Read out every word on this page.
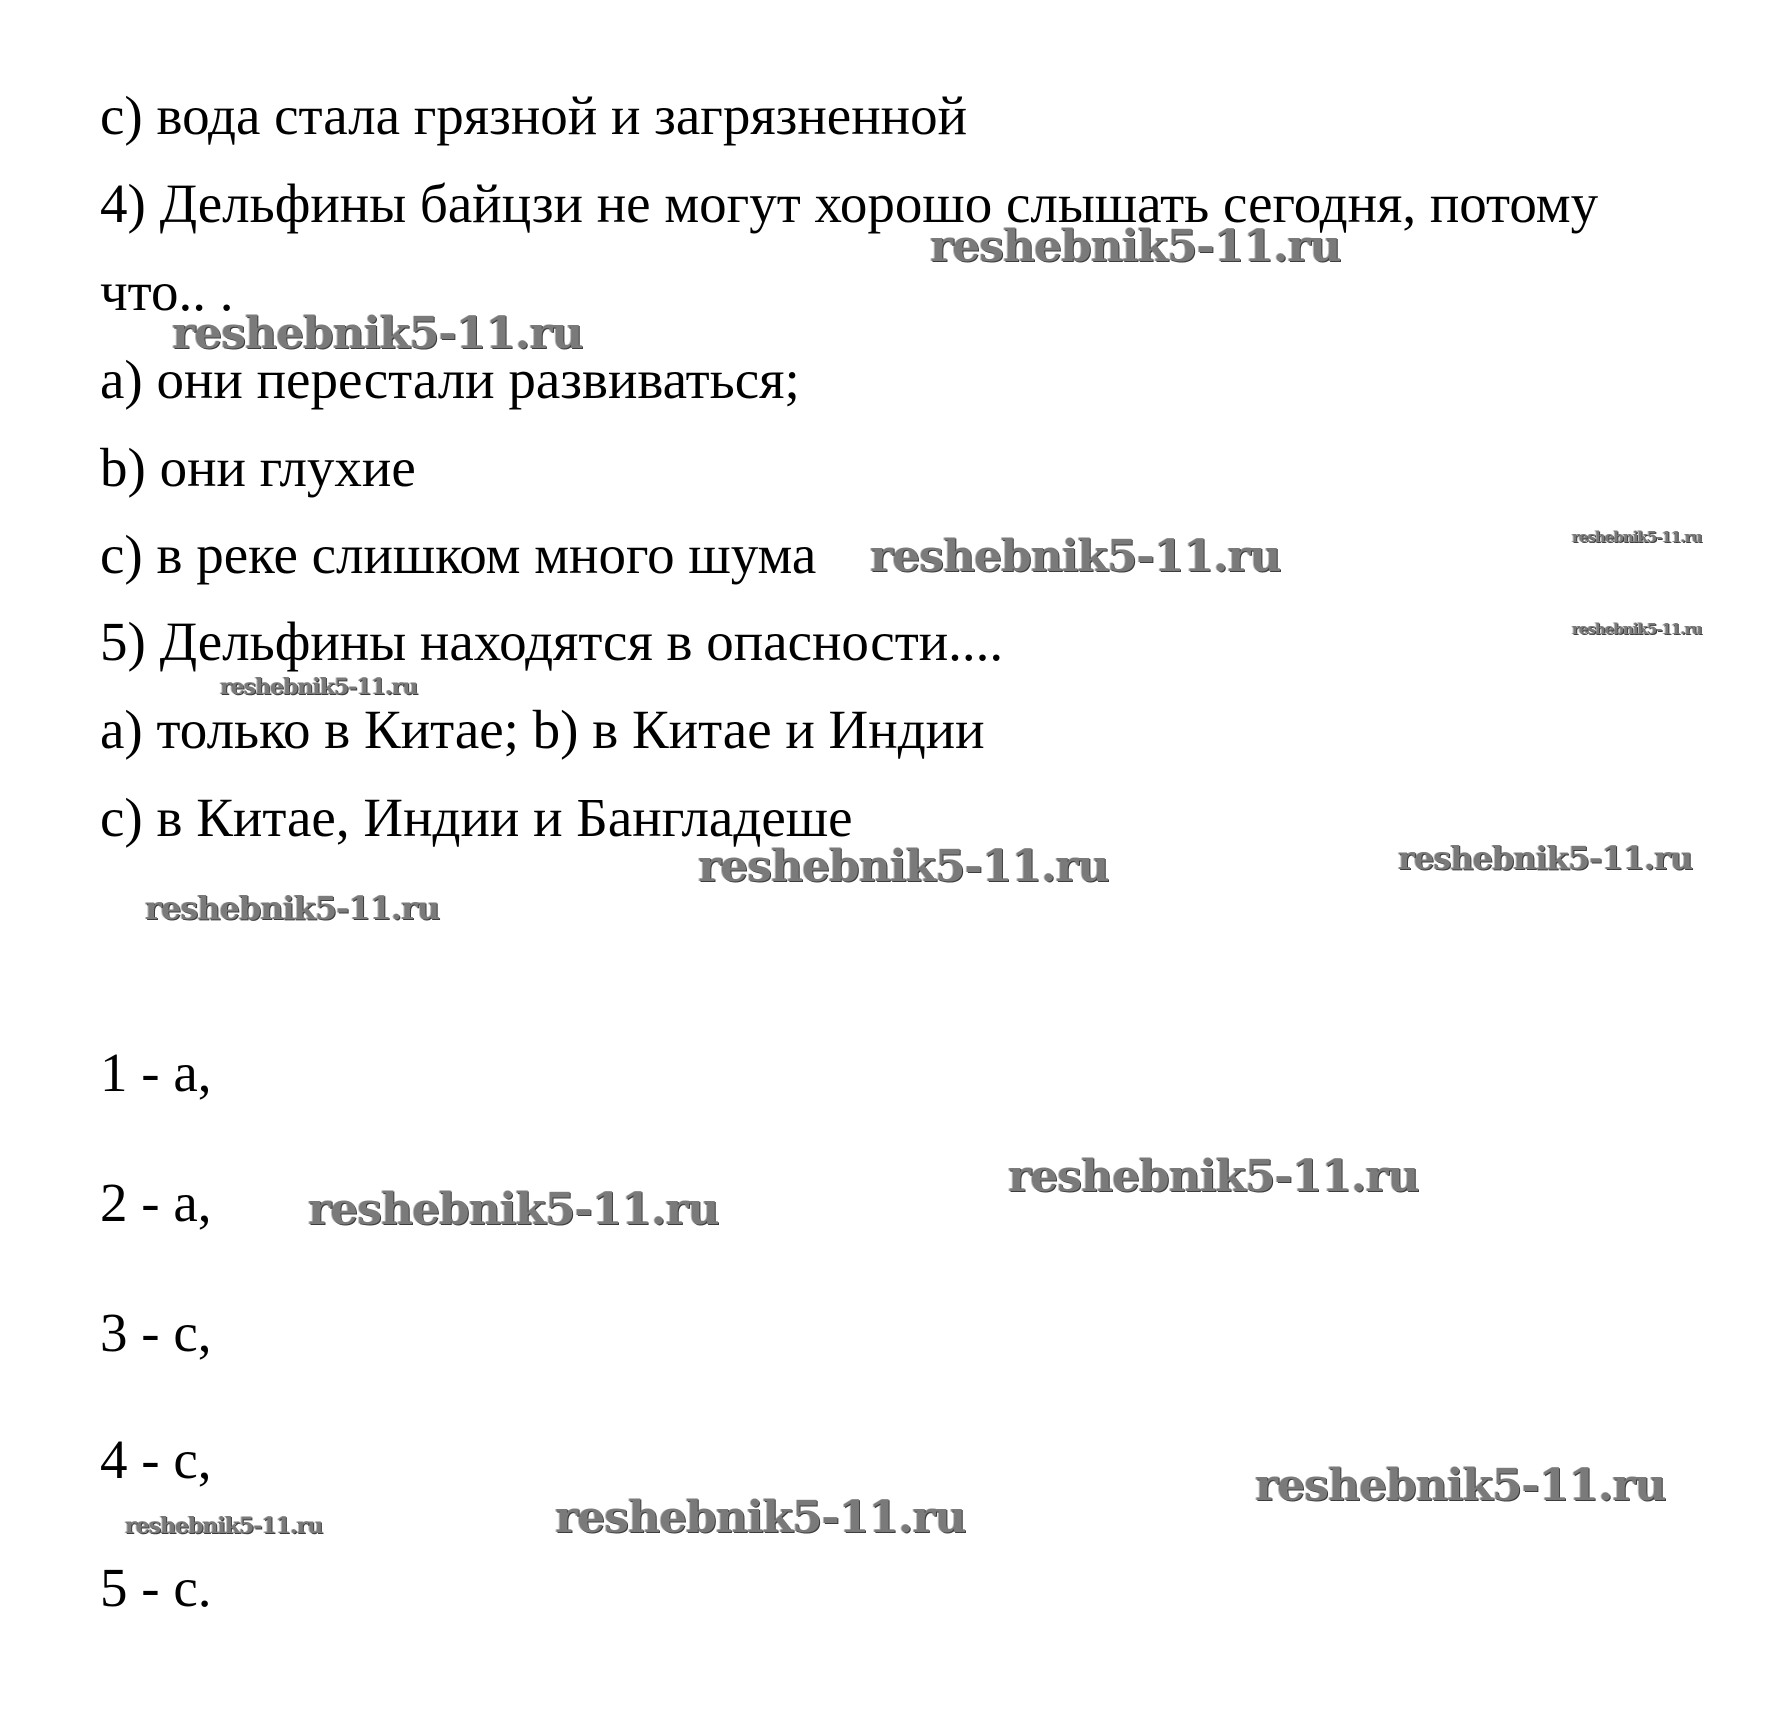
с) вода стала грязной и загрязненной
4) Дельфины байцзи не могут хорошо слышать сегодня, потому
что.. .
а) они перестали развиваться;
b) они глухие
с) в реке слишком много шума
5) Дельфины находятся в опасности....
а) только в Китае; b) в Китае и Индии
с) в Китае, Индии и Бангладеше
1 - а,
2 - а,
3 - с,
4 - с,
5 - с.
reshebnik5-11.ru
reshebnik5-11.ru
reshebnik5-11.ru	reshebnik5-11.ru
reshebnik5-11.ru
reshebnik5-11.ru
reshebnik5-11.ru	reshebnik5-11.ru
reshebnik5-11.ru
reshebnik5-11.ru
reshebnik5-11.ru
reshebnik5-11.ru
reshebnik5-11.ru
reshebnik5-11.ru
